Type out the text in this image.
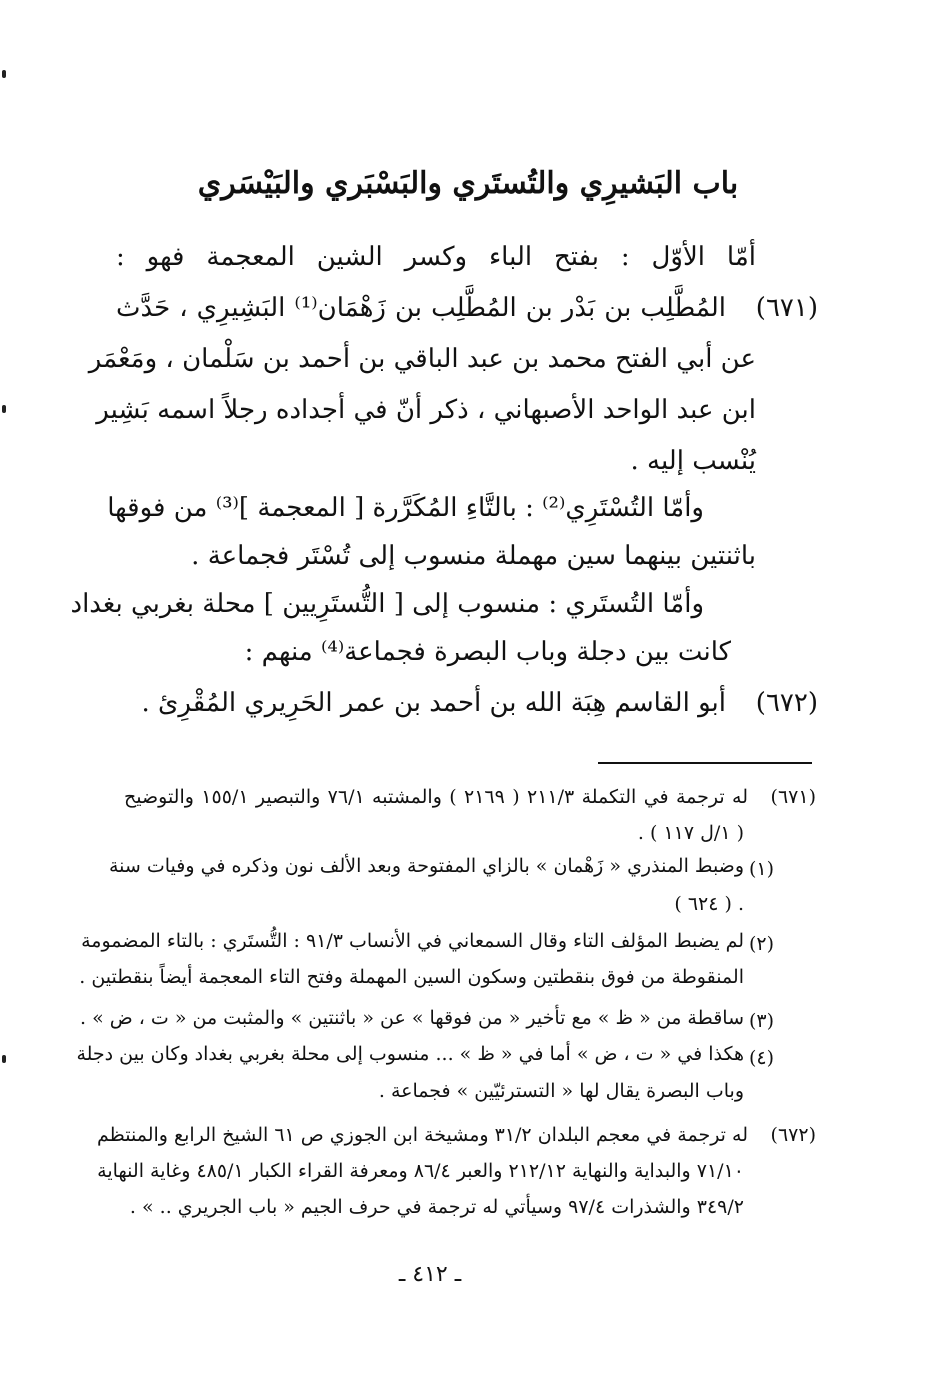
باب البَشيرِي والتُستَري والبَسْبَري والبَيْسَري
أمّا الأوّل : بفتح الباء وكسر الشين المعجمة فهو :
(٦٧١)
المُطَّلِب بن بَدْر بن المُطَّلِب بن زَهْمَان⁽¹⁾ البَشِيرِي ، حَدَّث
عن أبي الفتح محمد بن عبد الباقي بن أحمد بن سَلْمان ، ومَعْمَر
ابن عبد الواحد الأصبهاني ، ذكر أنّ في أجداده رجلاً اسمه بَشِير
يُنْسب إليه .
وأمّا التُسْتَرِي⁽²⁾ : بالتَّاءِ المُكَرَّرة [ المعجمة ]⁽³⁾ من فوقها
باثنتين بينهما سين مهملة منسوب إلى تُسْتَر فجماعة .
وأمّا التُستَري : منسوب إلى [ التُّستَرِيين ] محلة بغربي بغداد
كانت بين دجلة وباب البصرة فجماعة⁽⁴⁾ منهم :
(٦٧٢)
أبو القاسم هِبَة الله بن أحمد بن عمر الحَرِيري المُقْرِئ .
(٦٧١)
له ترجمة في التكملة ٢١١/٣ ( ٢١٦٩ ) والمشتبه ٧٦/١ والتبصير ١٥٥/١ والتوضيح
( ١/ل ١١٧ ) .
(١)
وضبط المنذري « زَهْمان » بالزاي المفتوحة وبعد الألف نون وذكره في وفيات سنة
( ٦٢٤ ) .
(٢)
لم يضبط المؤلف التاء وقال السمعاني في الأنساب ٩١/٣ : التُّستَري : بالتاء المضمومة
المنقوطة من فوق بنقطتين وسكون السين المهملة وفتح التاء المعجمة أيضاً بنقطتين .
(٣)
ساقطة من « ظ » مع تأخير « من فوقها » عن « باثنتين » والمثبت من « ت ، ض » .
(٤)
هكذا في « ت ، ض » أما في « ظ » ... منسوب إلى محلة بغربي بغداد وكان بين دجلة
وباب البصرة يقال لها « التسترئيّين » فجماعة .
(٦٧٢)
له ترجمة في معجم البلدان ٣١/٢ ومشيخة ابن الجوزي ص ٦١ الشيخ الرابع والمنتظم
٧١/١٠ والبداية والنهاية ٢١٢/١٢ والعبر ٨٦/٤ ومعرفة القراء الكبار ٤٨٥/١ وغاية النهاية
٣٤٩/٢ والشذرات ٩٧/٤ وسيأتي له ترجمة في حرف الجيم « باب الجريري .. » .
ـ ٤١٢ ـ
